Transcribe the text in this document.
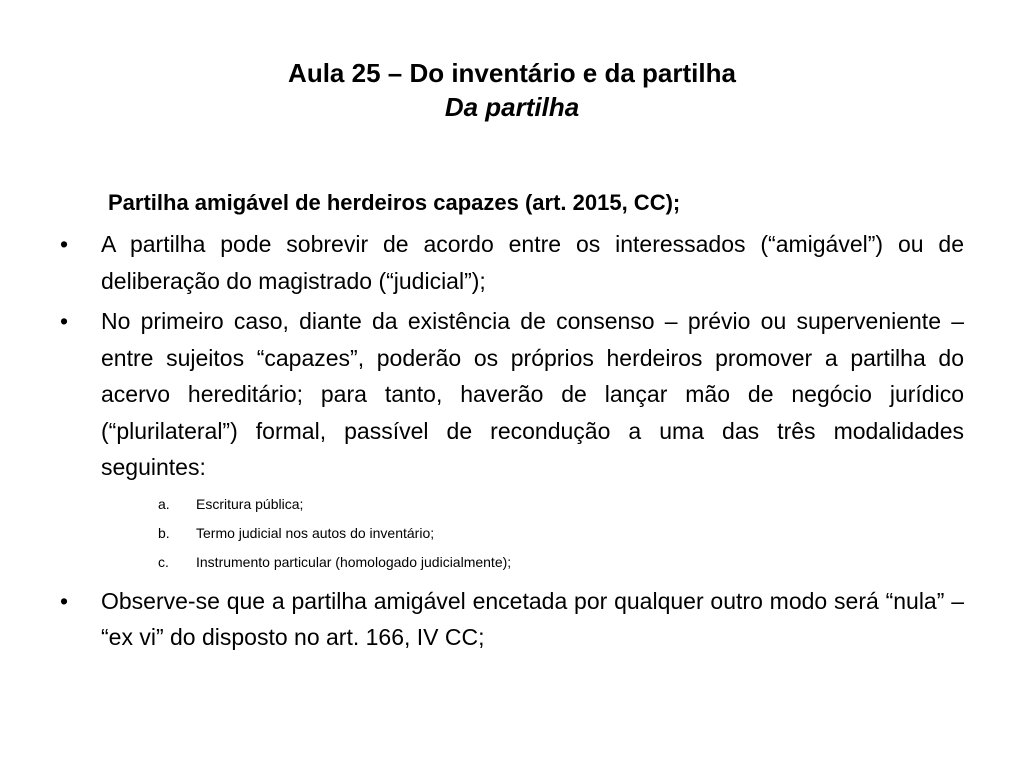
Aula 25 – Do inventário e da partilha

Da partilha

Partilha amigável de herdeiros capazes (art. 2015, CC);

•	A partilha pode sobrevir de acordo entre os interessados (“amigável”) ou de deliberação do magistrado (“judicial”);
•	No primeiro caso, diante da existência de consenso – prévio ou superveniente – entre sujeitos “capazes”, poderão os próprios herdeiros promover a partilha do acervo hereditário; para tanto, haverão de lançar mão de negócio jurídico (“plurilateral”) formal, passível de recondução a uma das três modalidades seguintes:
a.	Escritura pública;
b.	Termo judicial nos autos do inventário;
c.	Instrumento particular (homologado judicialmente);
•	Observe-se que a partilha amigável encetada por qualquer outro modo será “nula” – “ex vi” do disposto no art. 166, IV CC;
